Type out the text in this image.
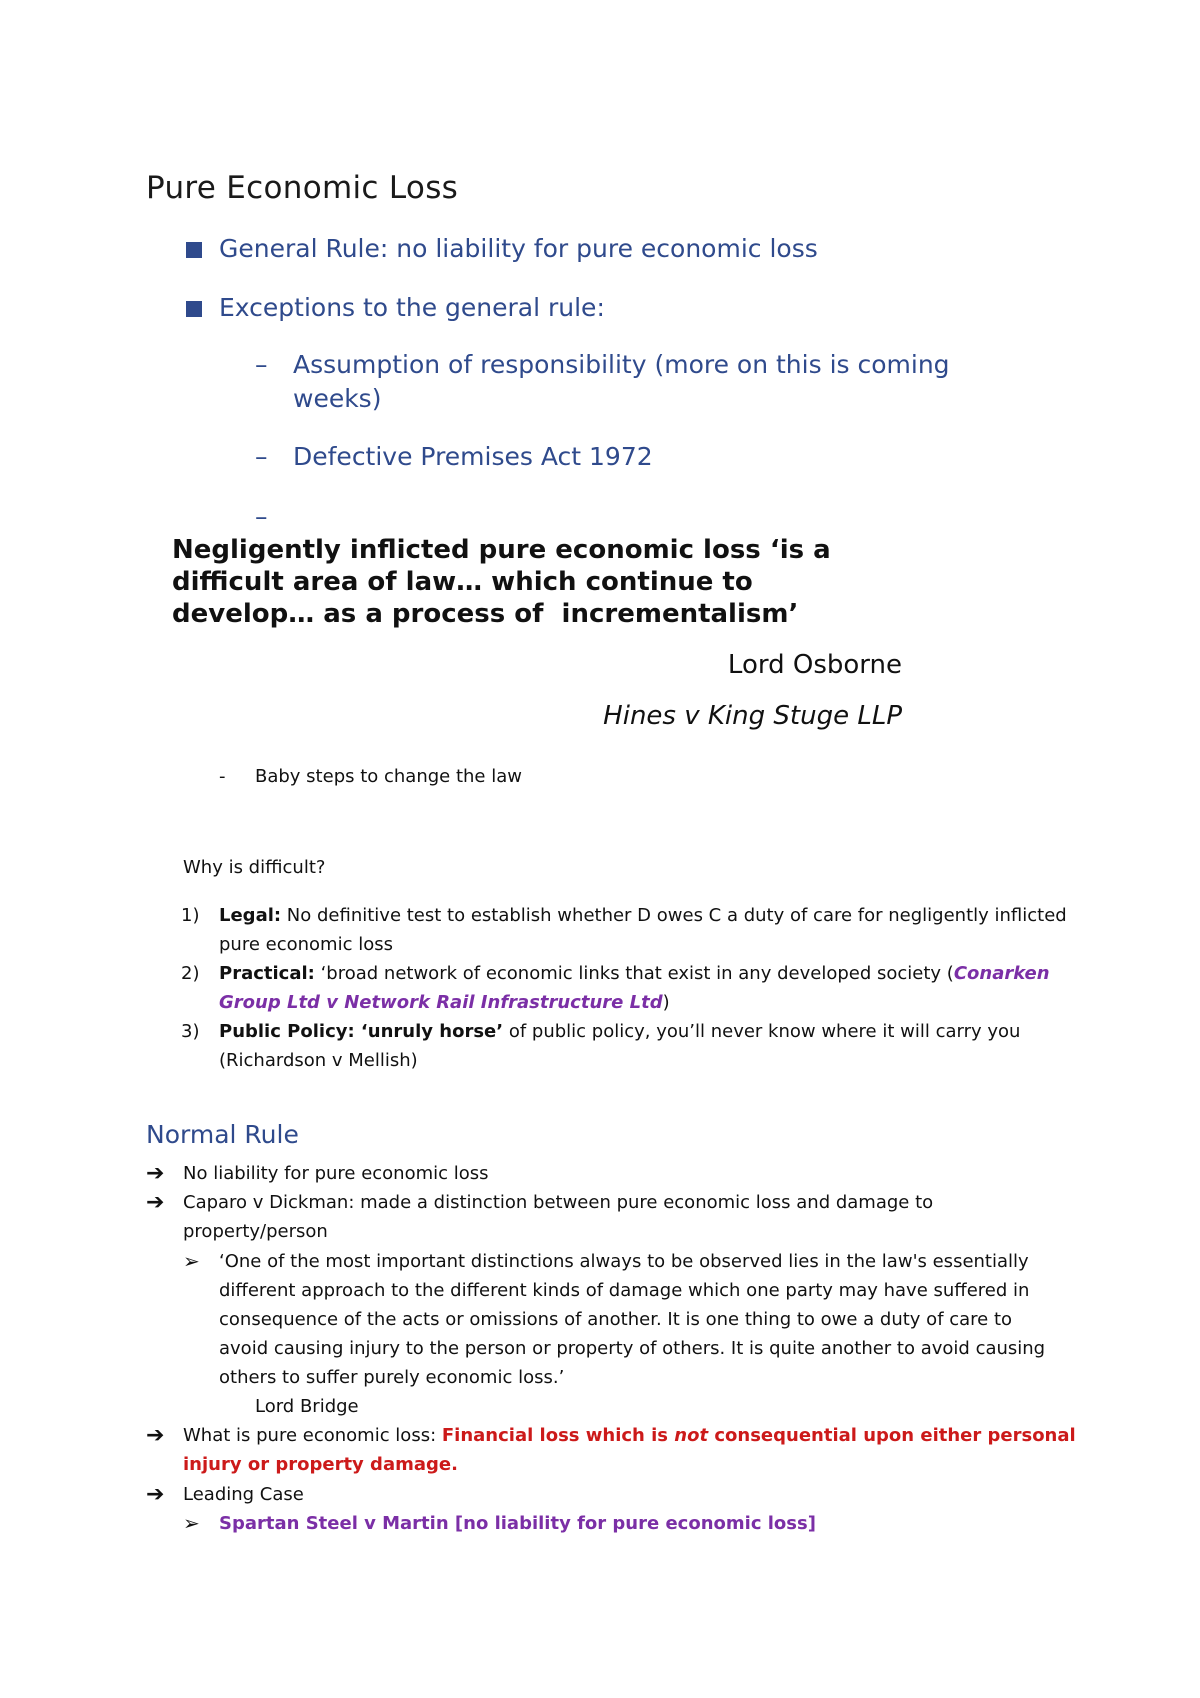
Pure Economic Loss
General Rule: no liability for pure economic loss
Exceptions to the general rule:
– Assumption of responsibility (more on this is coming
weeks)
– Defective Premises Act 1972
–
Negligently inflicted pure economic loss ‘is a
difficult area of law… which continue to
develop… as a process of  incrementalism’
Lord Osborne
Hines v King Stuge LLP
- Baby steps to change the law
Why is difficult?
1) Legal: No definitive test to establish whether D owes C a duty of care for negligently inflicted
pure economic loss
2) Practical: ‘broad network of economic links that exist in any developed society (Conarken
Group Ltd v Network Rail Infrastructure Ltd)
3) Public Policy: ‘unruly horse’ of public policy, you’ll never know where it will carry you
(Richardson v Mellish)
Normal Rule
➔ No liability for pure economic loss
➔ Caparo v Dickman: made a distinction between pure economic loss and damage to
property/person
➢ ‘One of the most important distinctions always to be observed lies in the law's essentially
different approach to the different kinds of damage which one party may have suffered in
consequence of the acts or omissions of another. It is one thing to owe a duty of care to
avoid causing injury to the person or property of others. It is quite another to avoid causing
others to suffer purely economic loss.’
Lord Bridge
➔ What is pure economic loss: Financial loss which is not consequential upon either personal
injury or property damage.
➔ Leading Case
➢ Spartan Steel v Martin [no liability for pure economic loss]
